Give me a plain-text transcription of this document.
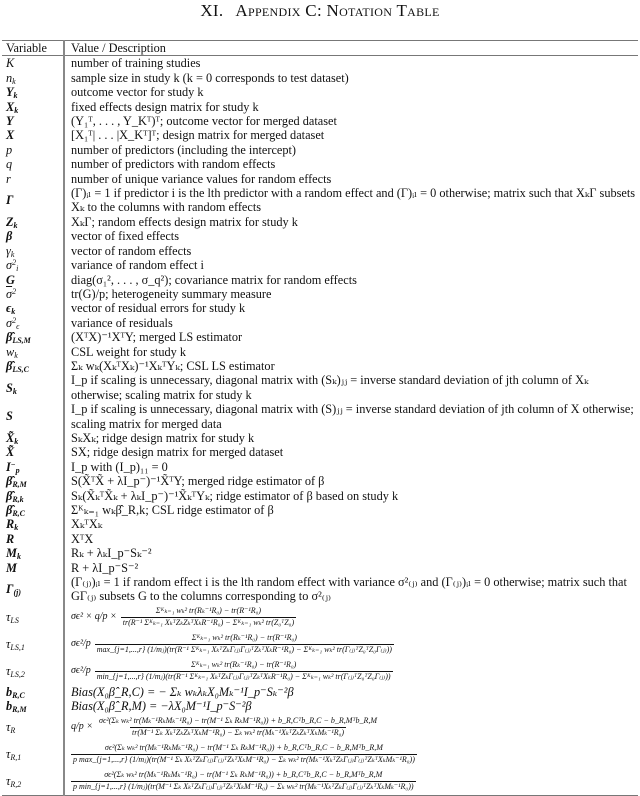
XI. Appendix C: Notation Table
Variable	Value / Description
K	number of training studies
$n_k$	sample size in study k (k = 0 corresponds to test dataset)
$Y_k$	outcome vector for study k
$X_k$	fixed effects design matrix for study k
Y	(Y₁ᵀ, . . . , Y_Kᵀ)ᵀ; outcome vector for merged dataset
X	[X₁ᵀ| . . . |X_Kᵀ]ᵀ; design matrix for merged dataset
p	number of predictors (including the intercept)
q	number of predictors with random effects
r	number of unique variance values for random effects
Γ	(Γ)ᵢₗ = 1 if predictor i is the lth predictor with a random effect and (Γ)ᵢₗ = 0 otherwise; matrix such that XₖΓ subsets Xₖ to the columns with random effects
$Z_k$	XₖΓ; random effects design matrix for study k
β	vector of fixed effects
$\gamma_k$	vector of random effects
$\sigma^2_i$	variance of random effect i
G	diag(σ₁², . . . , σ_q²); covariance matrix for random effects
$\overline{\sigma}^2$	tr(G)/p; heterogeneity summary measure
$\epsilon_k$	vector of residual errors for study k
$\sigma^2_\epsilon$	variance of residuals
$\betâ_{LS,M}$	(XᵀX)⁻¹XᵀY; merged LS estimator
$w_k$	CSL weight for study k
$\betâ_{LS,C}$	Σₖ wₖ(XₖᵀXₖ)⁻¹XₖᵀYₖ; CSL LS estimator
$S_k$	I_p if scaling is unnecessary, diagonal matrix with (Sₖ)ⱼⱼ = inverse standard deviation of jth column of Xₖ otherwise; scaling matrix for study k
S	I_p if scaling is unnecessary, diagonal matrix with (S)ⱼⱼ = inverse standard deviation of jth column of X otherwise; scaling matrix for merged data
$X̃_k$	SₖXₖ; ridge design matrix for study k
X̃	SX; ridge design matrix for merged dataset
$I^-_p$	I_p with (I_p)₁₁ = 0
$\betâ_{R,M}$	S(X̃ᵀX̃ + λI_p⁻)⁻¹X̃ᵀY; merged ridge estimator of β
$\betâ_{R,k}$	Sₖ(X̃ₖᵀX̃ₖ + λₖI_p⁻)⁻¹X̃ₖᵀYₖ; ridge estimator of β based on study k
$\betâ_{R,C}$	Σᴷₖ₌₁ wₖβ̂_R,k; CSL ridge estimator of β
$R_k$	XₖᵀXₖ
R	XᵀX
$M_k$	Rₖ + λₖI_p⁻Sₖ⁻²
M	R + λI_p⁻S⁻²
$\Gamma_{(j)}$	(Γ₍ⱼ₎)ᵢₗ = 1 if random effect i is the lth random effect with variance σ²₍ⱼ₎ and (Γ₍ⱼ₎)ᵢₗ = 0 otherwise; matrix such that GΓ₍ⱼ₎ subsets G to the columns corresponding to σ²₍ⱼ₎
$\tau_{LS}$	$\sigma\epsilon^2 \times q/p \times \frac{\text{Σᴷₖ₌₁ wₖ² tr(Rₖ⁻¹R₀) − tr(R⁻¹R₀)}}{\text{tr(R⁻¹ Σᴷₖ₌₁ XₖᵀZₖZₖᵀXₖR⁻¹R₀) − Σᴷₖ₌₁ wₖ² tr(Z₀ᵀZ₀)}}$

$\tau_{LS,1}$	σϵ²/p
Σᴷₖ₌₁ wₖ² tr(Rₖ⁻¹R₀) − tr(R⁻¹R₀)
max_{j=1,...,r} (1/mⱼ)(tr(R⁻¹ Σᴷₖ₌₁ XₖᵀZₖΓ₍ⱼ₎Γ₍ⱼ₎ᵀZₖᵀXₖR⁻¹R₀) − Σᴷₖ₌₁ wₖ² tr(Γ₍ⱼ₎ᵀZ₀ᵀZ₀Γ₍ⱼ₎))

$\tau_{LS,2}$	σϵ²/p
Σᴷₖ₌₁ wₖ² tr(Rₖ⁻¹R₀) − tr(R⁻¹R₀)
min_{j=1,...,r} (1/mⱼ)(tr(R⁻¹ Σᴷₖ₌₁ XₖᵀZₖΓ₍ⱼ₎Γ₍ⱼ₎ᵀZₖᵀXₖR⁻¹R₀) − Σᴷₖ₌₁ wₖ² tr(Γ₍ⱼ₎ᵀZ₀ᵀZ₀Γ₍ⱼ₎))

$b_{R,C}$	Bias(X₀β̂_R,C) = − Σₖ wₖλₖX₀Mₖ⁻¹I_p⁻Sₖ⁻²β
$b_{R,M}$	Bias(X₀β̂_R,M) = −λX₀M⁻¹I_p⁻S⁻²β
$\tau_R$	q/p ×
σϵ²(Σₖ wₖ² tr(Mₖ⁻¹RₖMₖ⁻¹R₀) − tr(M⁻¹ Σₖ RₖM⁻¹R₀)) + b_R,Cᵀb_R,C − b_R,Mᵀb_R,M
tr(M⁻¹ Σₖ XₖᵀZₖZₖᵀXₖM⁻¹R₀) − Σₖ wₖ² tr(Mₖ⁻¹XₖᵀZₖZₖᵀXₖMₖ⁻¹R₀)

$\tau_{R,1}$	σϵ²(Σₖ wₖ² tr(Mₖ⁻¹RₖMₖ⁻¹R₀) − tr(M⁻¹ Σₖ RₖM⁻¹R₀)) + b_R,Cᵀb_R,C − b_R,Mᵀb_R,M
p max_{j=1,...,r} (1/mⱼ)(tr(M⁻¹ Σₖ XₖᵀZₖΓ₍ⱼ₎Γ₍ⱼ₎ᵀZₖᵀXₖM⁻¹R₀) − Σₖ wₖ² tr(Mₖ⁻¹XₖᵀZₖΓ₍ⱼ₎Γ₍ⱼ₎ᵀZₖᵀXₖMₖ⁻¹R₀))

$\tau_{R,2}$	σϵ²(Σₖ wₖ² tr(Mₖ⁻¹RₖMₖ⁻¹R₀) − tr(M⁻¹ Σₖ RₖM⁻¹R₀)) + b_R,Cᵀb_R,C − b_R,Mᵀb_R,M
p min_{j=1,...,r} (1/mⱼ)(tr(M⁻¹ Σₖ XₖᵀZₖΓ₍ⱼ₎Γ₍ⱼ₎ᵀZₖᵀXₖM⁻¹R₀) − Σₖ wₖ² tr(Mₖ⁻¹XₖᵀZₖΓ₍ⱼ₎Γ₍ⱼ₎ᵀZₖᵀXₖMₖ⁻¹R₀))
